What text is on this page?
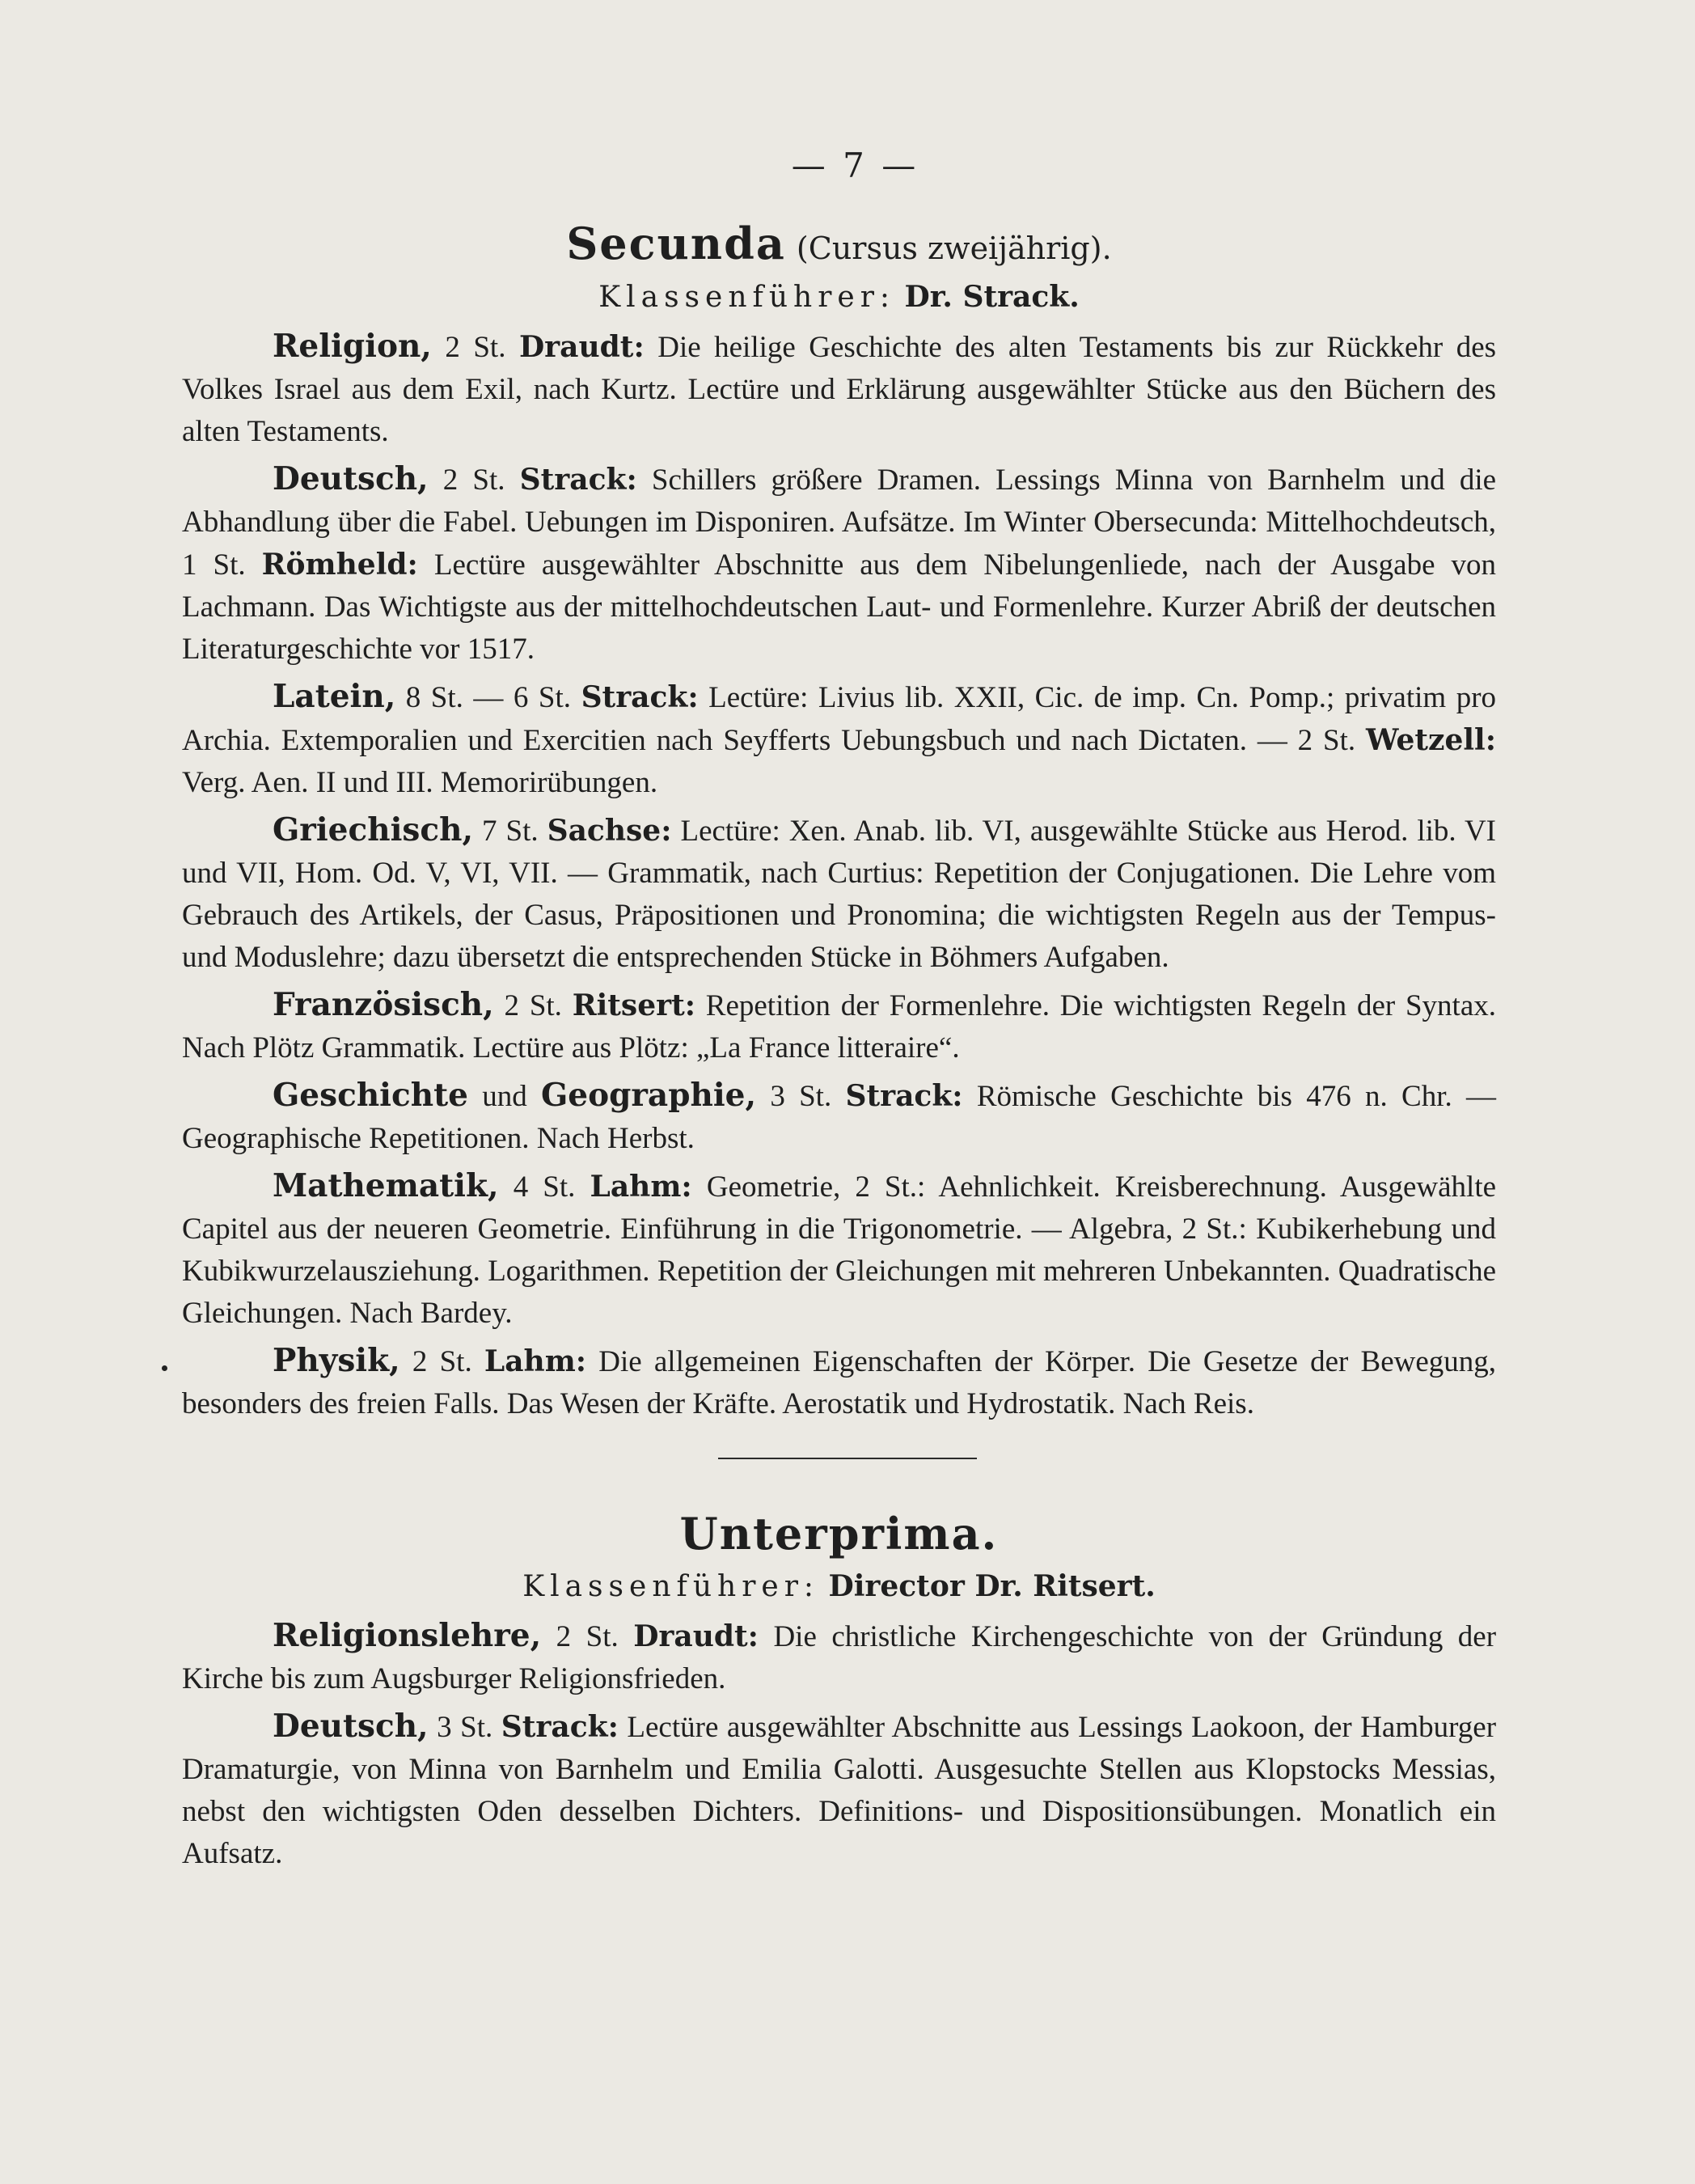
— 7 —
Secunda (Cursus zweijährig).
Klassenführer: Dr. Strack.

Religion, 2 St. Draudt: Die heilige Geschichte des alten Testaments bis zur Rückkehr des Volkes Israel aus dem Exil, nach Kurtz. Lectüre und Erklärung ausgewählter Stücke aus den Büchern des alten Testaments.

Deutsch, 2 St. Strack: Schillers größere Dramen. Lessings Minna von Barnhelm und die Abhandlung über die Fabel. Uebungen im Disponiren. Aufsätze. Im Winter Obersecunda: Mittelhochdeutsch, 1 St. Römheld: Lectüre ausgewählter Abschnitte aus dem Nibelungenliede, nach der Ausgabe von Lachmann. Das Wichtigste aus der mittelhochdeutschen Laut- und Formenlehre. Kurzer Abriß der deutschen Literaturgeschichte vor 1517.

Latein, 8 St. — 6 St. Strack: Lectüre: Livius lib. XXII, Cic. de imp. Cn. Pomp.; privatim pro Archia. Extemporalien und Exercitien nach Seyfferts Uebungsbuch und nach Dictaten. — 2 St. Wetzell: Verg. Aen. II und III. Memorirübungen.

Griechisch, 7 St. Sachse: Lectüre: Xen. Anab. lib. VI, ausgewählte Stücke aus Herod. lib. VI und VII, Hom. Od. V, VI, VII. — Grammatik, nach Curtius: Repetition der Conjugationen. Die Lehre vom Gebrauch des Artikels, der Casus, Präpositionen und Pronomina; die wichtigsten Regeln aus der Tempus- und Moduslehre; dazu übersetzt die entsprechenden Stücke in Böhmers Aufgaben.

Französisch, 2 St. Ritsert: Repetition der Formenlehre. Die wichtigsten Regeln der Syntax. Nach Plötz Grammatik. Lectüre aus Plötz: „La France litteraire“.

Geschichte und Geographie, 3 St. Strack: Römische Geschichte bis 476 n. Chr. — Geographische Repetitionen. Nach Herbst.

Mathematik, 4 St. Lahm: Geometrie, 2 St.: Aehnlichkeit. Kreisberechnung. Ausgewählte Capitel aus der neueren Geometrie. Einführung in die Trigonometrie. — Algebra, 2 St.: Kubikerhebung und Kubikwurzelausziehung. Logarithmen. Repetition der Gleichungen mit mehreren Unbekannten. Quadratische Gleichungen. Nach Bardey.

Physik, 2 St. Lahm: Die allgemeinen Eigenschaften der Körper. Die Gesetze der Bewegung, besonders des freien Falls. Das Wesen der Kräfte. Aerostatik und Hydrostatik. Nach Reis.

Unterprima.
Klassenführer: Director Dr. Ritsert.

Religionslehre, 2 St. Draudt: Die christliche Kirchengeschichte von der Gründung der Kirche bis zum Augsburger Religionsfrieden.

Deutsch, 3 St. Strack: Lectüre ausgewählter Abschnitte aus Lessings Laokoon, der Hamburger Dramaturgie, von Minna von Barnhelm und Emilia Galotti. Ausgesuchte Stellen aus Klopstocks Messias, nebst den wichtigsten Oden desselben Dichters. Definitions- und Dispositionsübungen. Monatlich ein Aufsatz.
